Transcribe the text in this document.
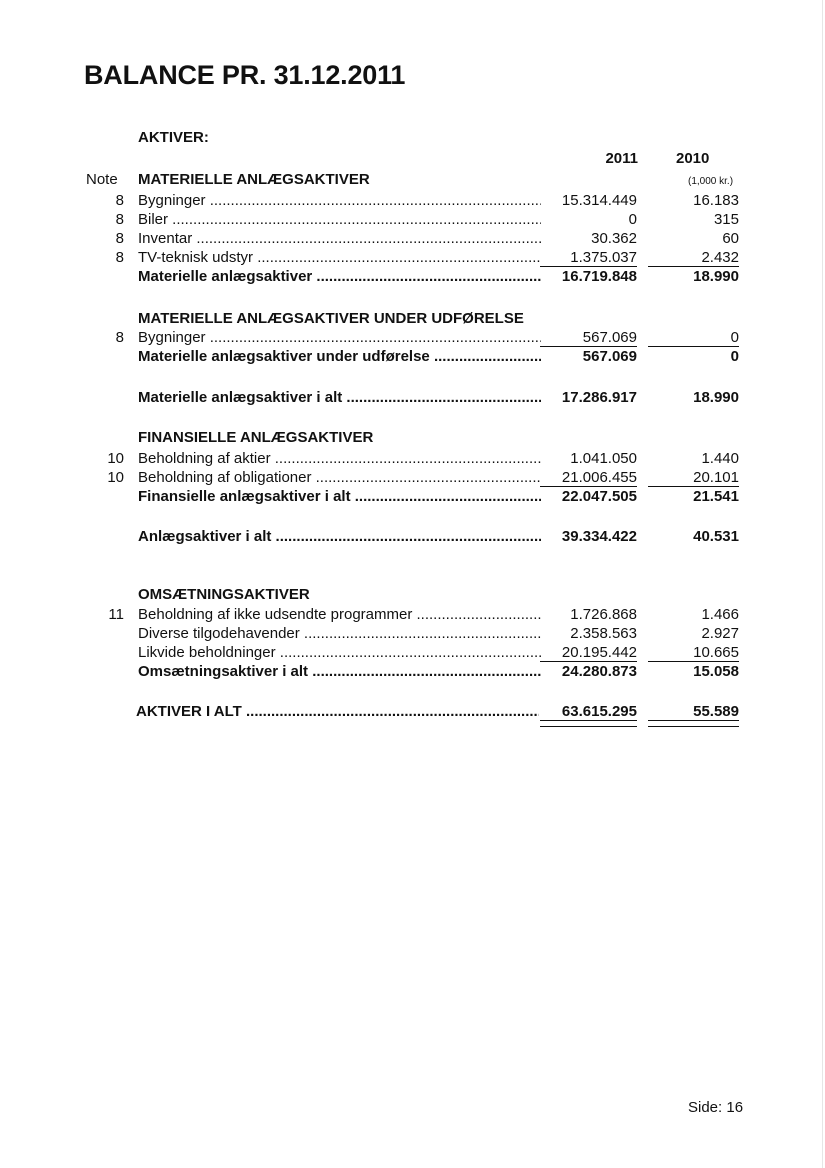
BALANCE PR. 31.12.2011
AKTIVER:
2011	2010
Note MATERIELLE ANLÆGSAKTIVER	(1,000 kr.)
8 Bygninger .....	15.314.449	16.183
8 Biler .....	0	315
8 Inventar .....	30.362	60
8 TV-teknisk udstyr .....	1.375.037	2.432
Materielle anlægsaktiver .....	16.719.848	18.990
MATERIELLE ANLÆGSAKTIVER UNDER UDFØRELSE
8 Bygninger .....	567.069	0
Materielle anlægsaktiver under udførelse .....	567.069	0
Materielle anlægsaktiver i alt .....	17.286.917	18.990
FINANSIELLE ANLÆGSAKTIVER
10 Beholdning af aktier .....	1.041.050	1.440
10 Beholdning af obligationer .....	21.006.455	20.101
Finansielle anlægsaktiver i alt .....	22.047.505	21.541
Anlægsaktiver i alt .....	39.334.422	40.531
OMSÆTNINGSAKTIVER
11 Beholdning af ikke udsendte programmer .....	1.726.868	1.466
Diverse tilgodehavender .....	2.358.563	2.927
Likvide beholdninger .....	20.195.442	10.665
Omsætningsaktiver i alt .....	24.280.873	15.058
AKTIVER I ALT .....	63.615.295	55.589
Side: 16
